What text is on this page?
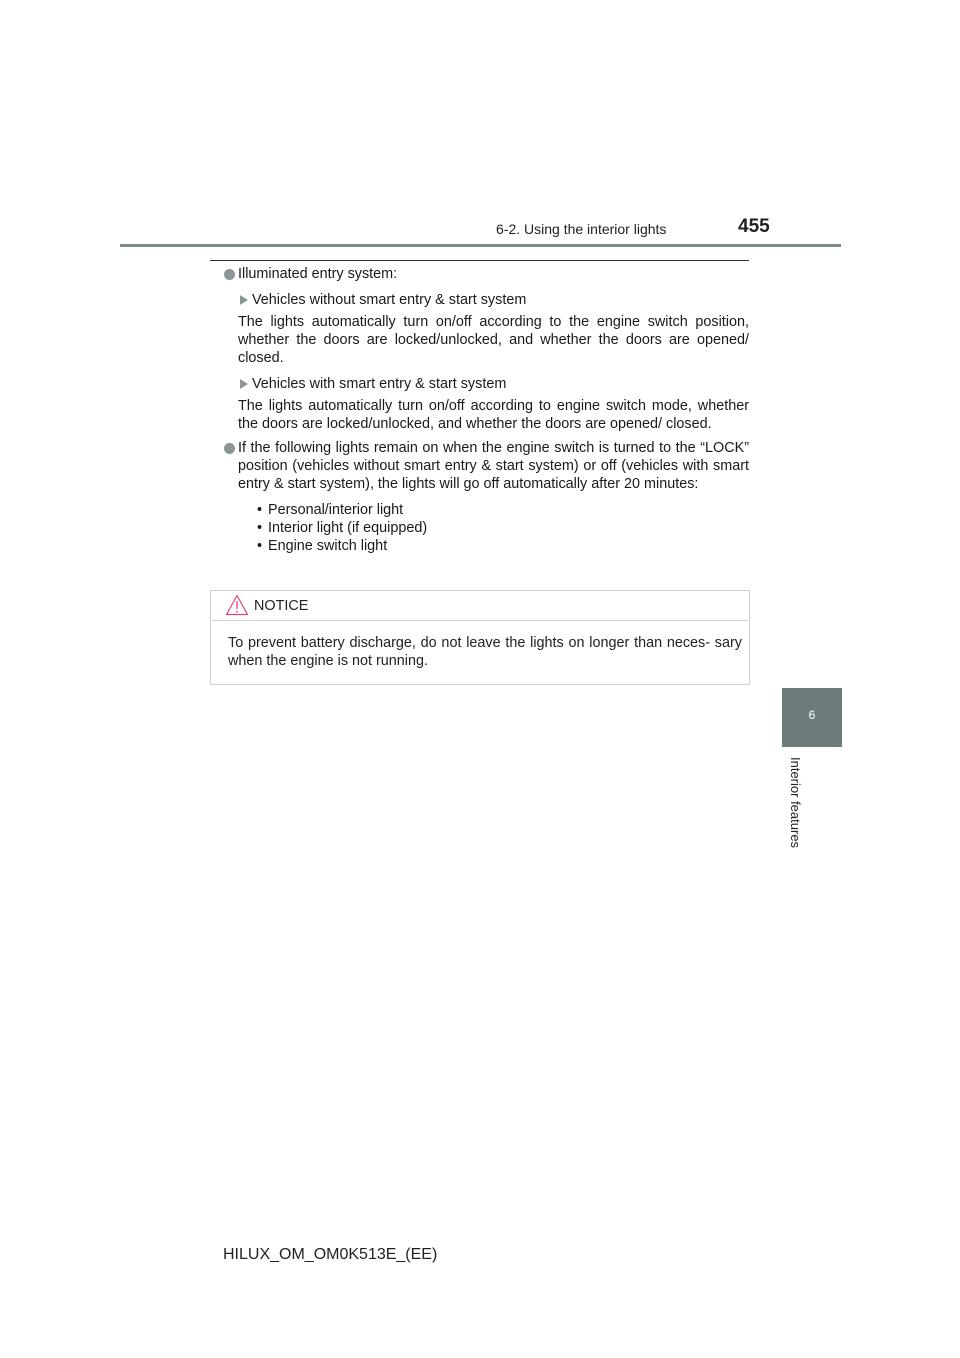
6-2. Using the interior lights	455
6
Interior features
Illuminated entry system:
Vehicles without smart entry & start system
The lights automatically turn on/off according to the engine switch position, whether the doors are locked/unlocked, and whether the doors are opened/ closed.
Vehicles with smart entry & start system
The lights automatically turn on/off according to engine switch mode, whether the doors are locked/unlocked, and whether the doors are opened/ closed.
If the following lights remain on when the engine switch is turned to the “LOCK” position (vehicles without smart entry & start system) or off (vehicles with smart entry & start system), the lights will go off automatically after 20 minutes:
• Personal/interior light
• Interior light (if equipped)
• Engine switch light
NOTICE
To prevent battery discharge, do not leave the lights on longer than neces- sary when the engine is not running.
HILUX_OM_OM0K513E_(EE)
